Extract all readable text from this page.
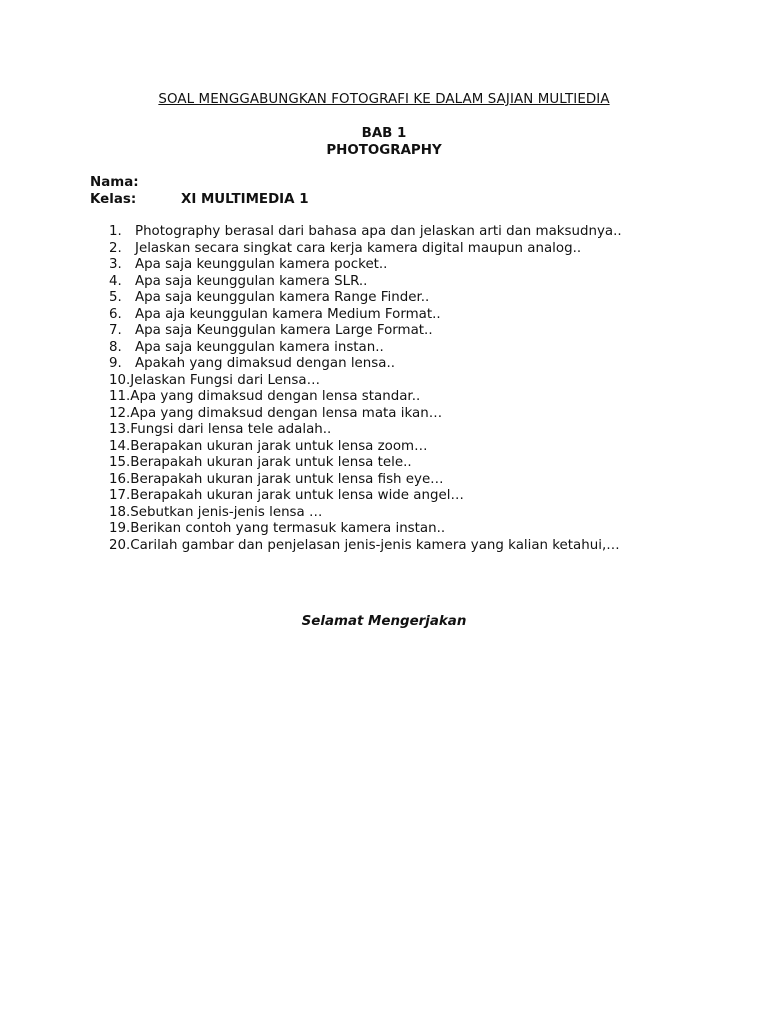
SOAL MENGGABUNGKAN FOTOGRAFI KE DALAM SAJIAN MULTIEDIA
BAB 1
PHOTOGRAPHY
Nama:
Kelas:	XI MULTIMEDIA 1
1. Photography berasal dari bahasa apa dan jelaskan arti dan maksudnya..
2. Jelaskan secara singkat cara kerja kamera digital maupun analog..
3. Apa saja keunggulan kamera pocket..
4. Apa saja keunggulan kamera SLR..
5. Apa saja keunggulan kamera Range Finder..
6. Apa aja keunggulan kamera Medium Format..
7. Apa saja Keunggulan kamera Large Format..
8. Apa saja keunggulan kamera instan..
9. Apakah yang dimaksud dengan lensa..
10.Jelaskan Fungsi dari Lensa…
11.Apa yang dimaksud dengan lensa standar..
12.Apa yang dimaksud dengan lensa mata ikan…
13.Fungsi dari lensa tele adalah..
14.Berapakan ukuran jarak untuk lensa zoom…
15.Berapakah ukuran jarak untuk lensa tele..
16.Berapakah ukuran jarak untuk lensa fish eye…
17.Berapakah ukuran jarak untuk lensa wide angel…
18.Sebutkan jenis-jenis lensa …
19.Berikan contoh yang termasuk kamera instan..
20.Carilah gambar dan penjelasan jenis-jenis kamera yang kalian ketahui,…
Selamat Mengerjakan
